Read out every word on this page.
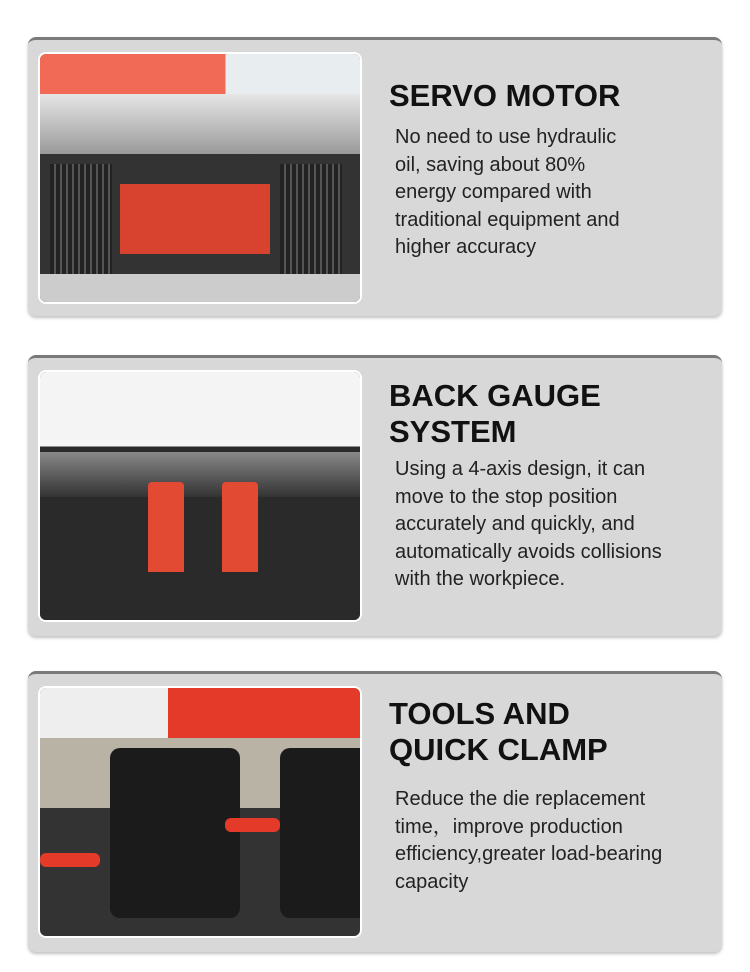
SERVO MOTOR
No need to use hydraulic
oil, saving about 80%
energy compared with
traditional equipment and
higher accuracy
BACK GAUGE
SYSTEM
Using a 4-axis design, it can
move to the stop position
accurately and quickly, and
automatically avoids collisions
with the workpiece.
TOOLS AND
QUICK CLAMP
Reduce the die replacement
time，improve production
efficiency,greater load-bearing
capacity
